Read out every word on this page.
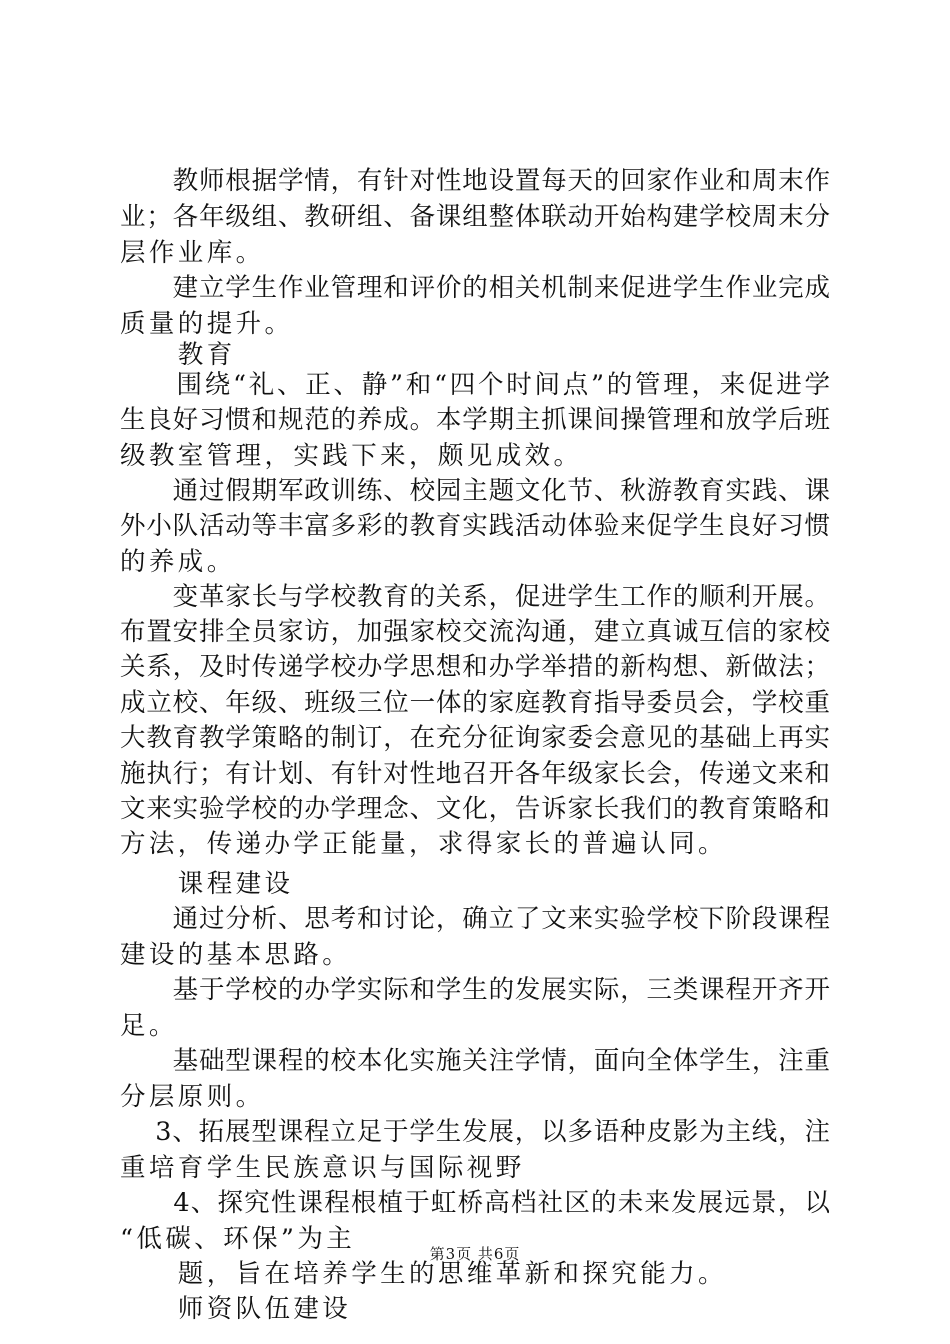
　　教师根据学情，有针对性地设置每天的回家作业和周末作
业；各年级组、教研组、备课组整体联动开始构建学校周末分
层作业库。
　　建立学生作业管理和评价的相关机制来促进学生作业完成
质量的提升。
　　教育
　　围绕“礼、正、静”和“四个时间点”的管理，来促进学
生良好习惯和规范的养成。本学期主抓课间操管理和放学后班
级教室管理，实践下来，颇见成效。
　　通过假期军政训练、校园主题文化节、秋游教育实践、课
外小队活动等丰富多彩的教育实践活动体验来促学生良好习惯
的养成。
　　变革家长与学校教育的关系，促进学生工作的顺利开展。
布置安排全员家访，加强家校交流沟通，建立真诚互信的家校
关系，及时传递学校办学思想和办学举措的新构想、新做法；
成立校、年级、班级三位一体的家庭教育指导委员会，学校重
大教育教学策略的制订，在充分征询家委会意见的基础上再实
施执行；有计划、有针对性地召开各年级家长会，传递文来和
文来实验学校的办学理念、文化，告诉家长我们的教育策略和
方法，传递办学正能量，求得家长的普遍认同。
　　课程建设
　　通过分析、思考和讨论，确立了文来实验学校下阶段课程
建设的基本思路。
　　基于学校的办学实际和学生的发展实际，三类课程开齐开
足。
　　基础型课程的校本化实施关注学情，面向全体学生，注重
分层原则。
　 3、拓展型课程立足于学生发展，以多语种皮影为主线，注
重培育学生民族意识与国际视野
　　4、探究性课程根植于虹桥高档社区的未来发展远景，以
“低碳、环保”为主
　　题，旨在培养学生的思维革新和探究能力。
　　师资队伍建设
第3页 共6页
